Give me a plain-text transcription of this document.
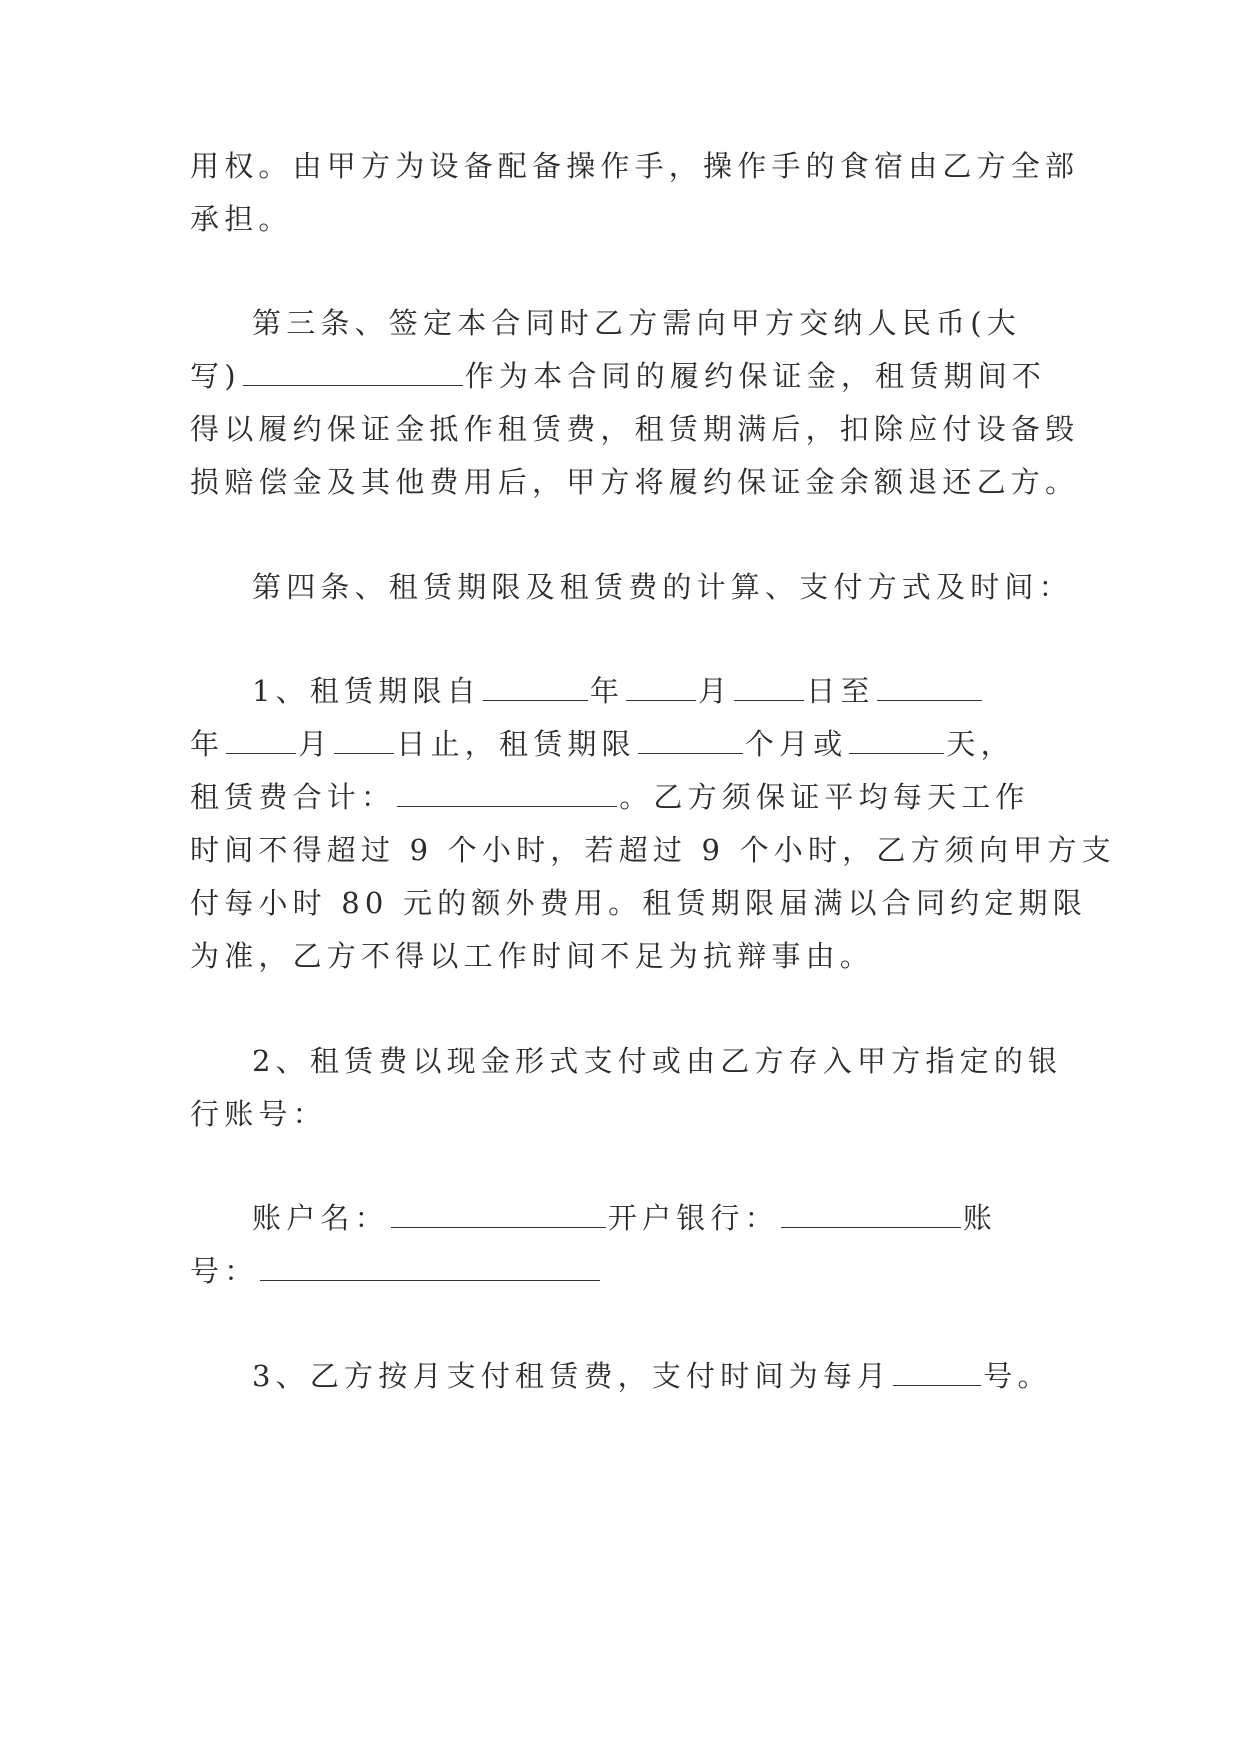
用权。由甲方为设备配备操作手，操作手的食宿由乙方全部
承担。
第三条、签定本合同时乙方需向甲方交纳人民币(大
写)	作为本合同的履约保证金，租赁期间不
得以履约保证金抵作租赁费，租赁期满后，扣除应付设备毁
损赔偿金及其他费用后，甲方将履约保证金余额退还乙方。
第四条、租赁期限及租赁费的计算、支付方式及时间：
1、租赁期限自	年	月	日至
年	月 日止，租赁期限	个月或	天，
租赁费合计：	。乙方须保证平均每天工作
时间不得超过 9 个小时，若超过 9 个小时，乙方须向甲方支
付每小时 80 元的额外费用。租赁期限届满以合同约定期限
为准，乙方不得以工作时间不足为抗辩事由。
2、租赁费以现金形式支付或由乙方存入甲方指定的银
行账号：
账户名：	开户银行：	账
号：
3、乙方按月支付租赁费，支付时间为每月	号。
